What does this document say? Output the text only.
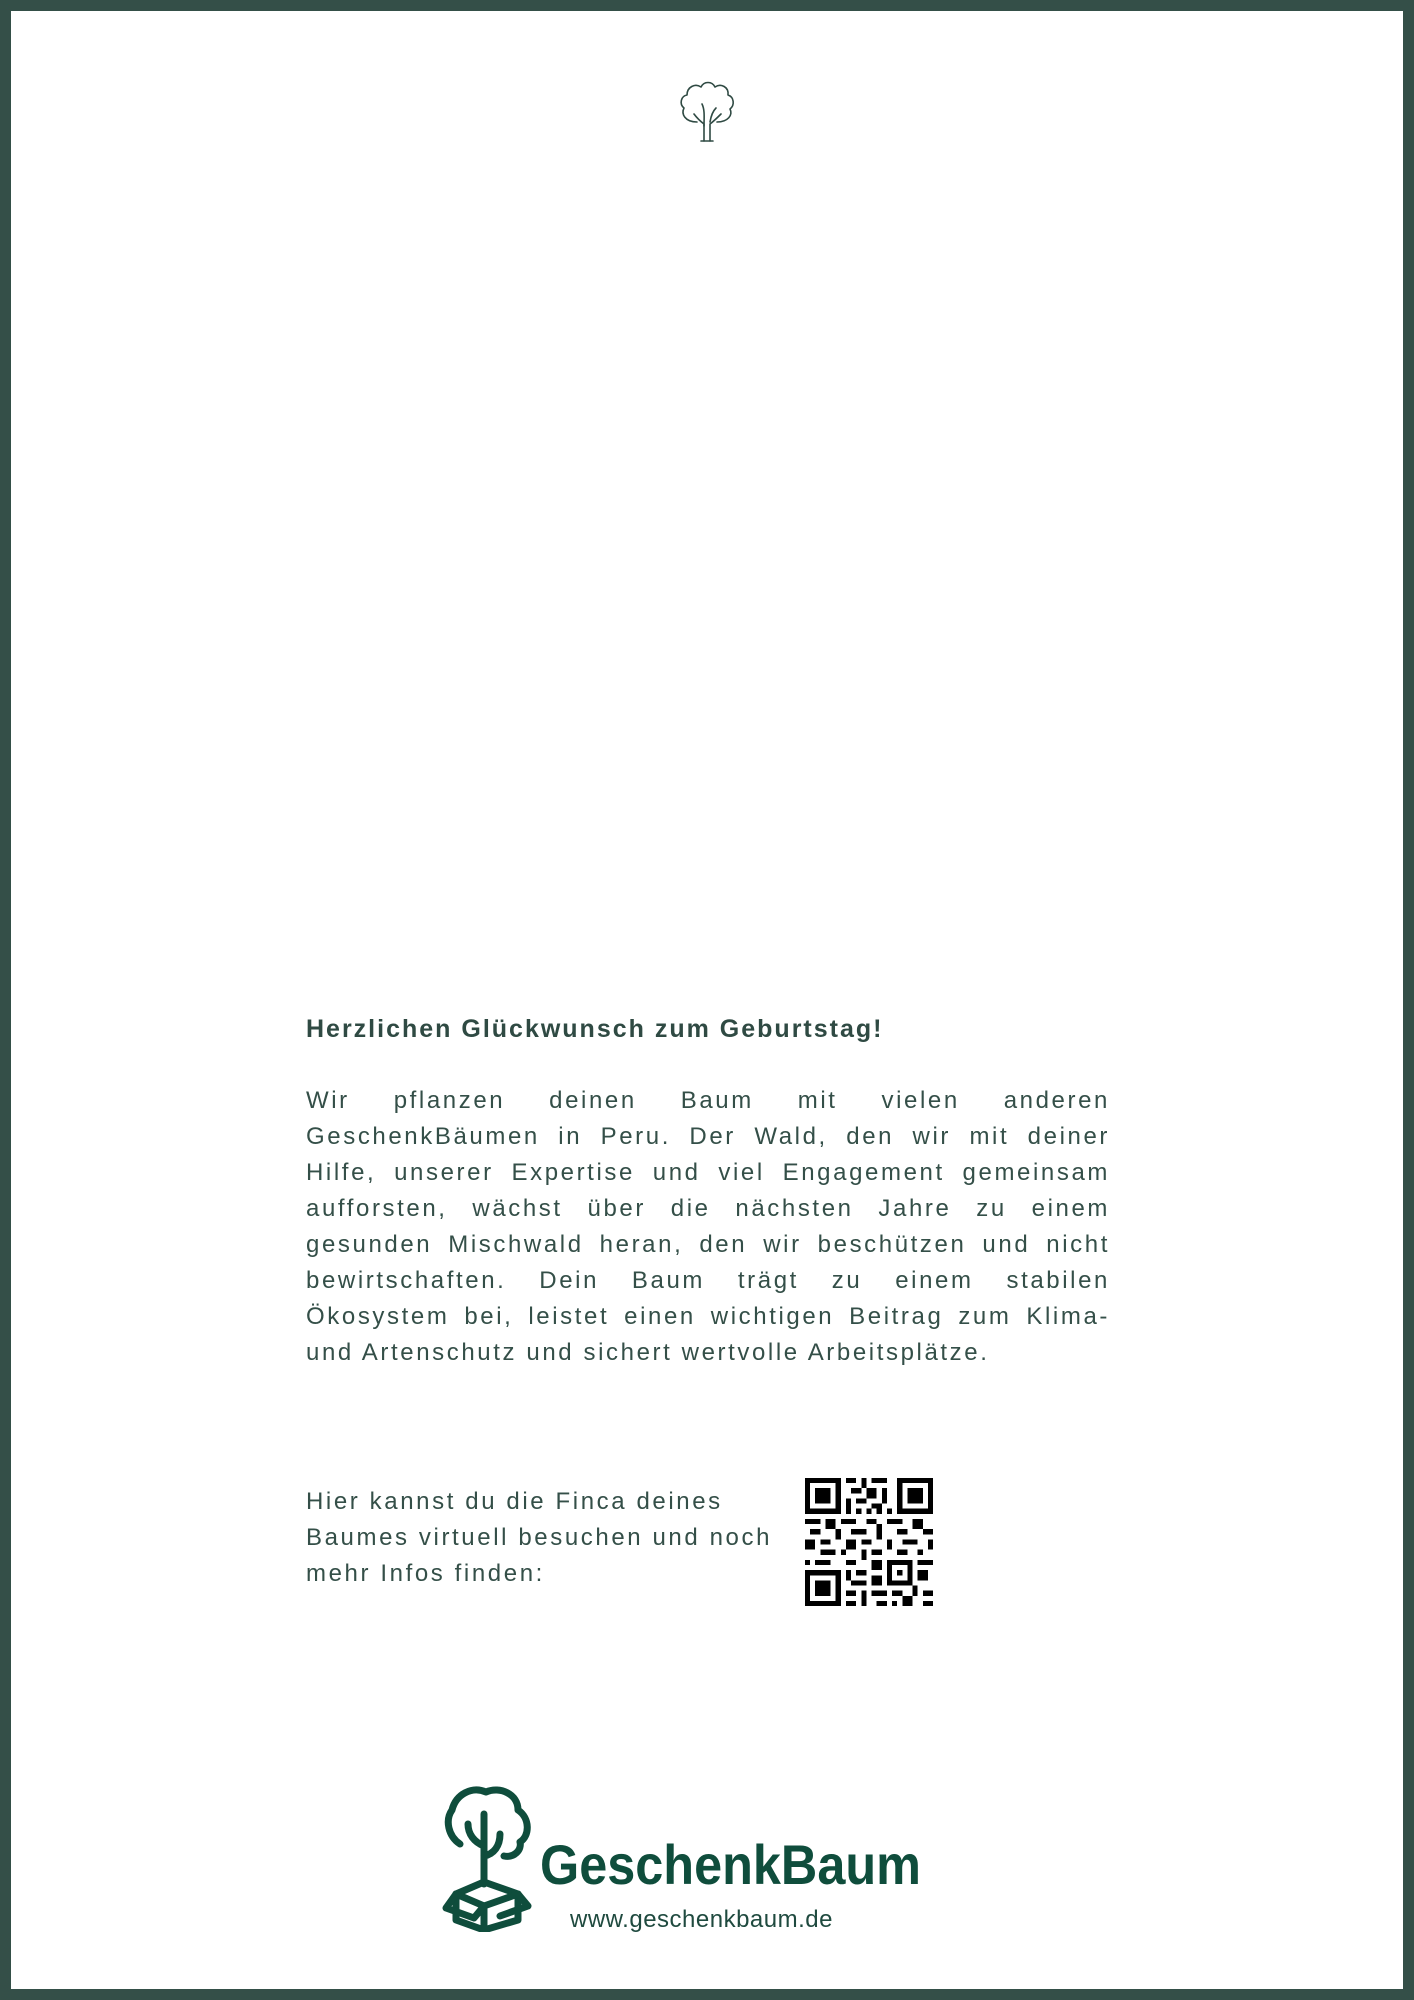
Herzlichen Glückwunsch zum Geburtstag!

Wir pflanzen deinen Baum mit vielen anderen GeschenkBäumen in Peru. Der Wald, den wir mit deiner Hilfe, unserer Expertise und viel Engagement gemeinsam aufforsten, wächst über die nächsten Jahre zu einem gesunden Mischwald heran, den wir beschützen und nicht bewirtschaften. Dein Baum trägt zu einem stabilen Ökosystem bei, leistet einen wichtigen Beitrag zum Klima- und Artenschutz und sichert wertvolle Arbeitsplätze.

Hier kannst du die Finca deines Baumes virtuell besuchen und noch mehr Infos finden:

GeschenkBaum

www.geschenkbaum.de
